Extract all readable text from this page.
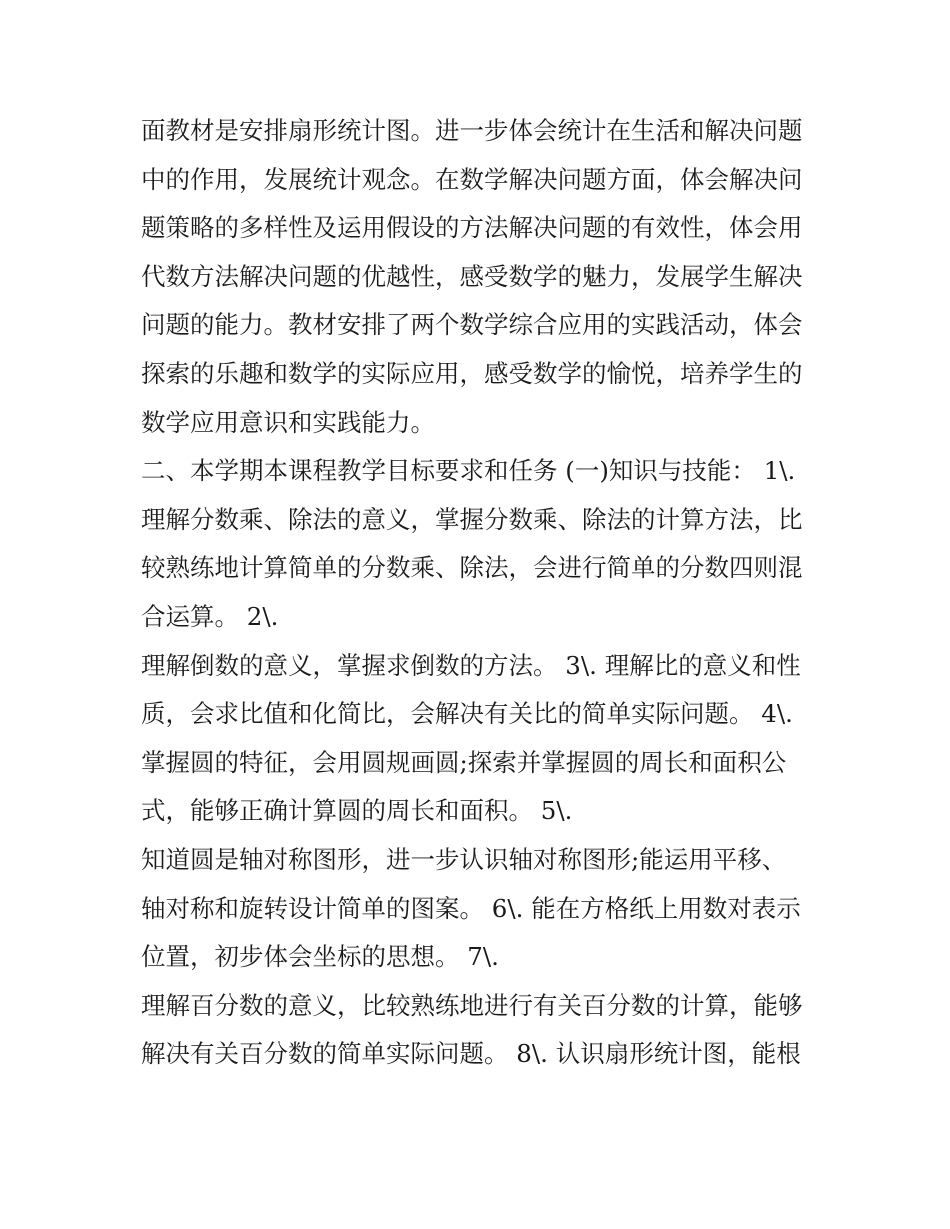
面教材是安排扇形统计图。进一步体会统计在生活和解决问题
中的作用，发展统计观念。在数学解决问题方面，体会解决问
题策略的多样性及运用假设的方法解决问题的有效性，体会用
代数方法解决问题的优越性，感受数学的魅力，发展学生解决
问题的能力。教材安排了两个数学综合应用的实践活动，体会
探索的乐趣和数学的实际应用，感受数学的愉悦，培养学生的
数学应用意识和实践能力。
二、本学期本课程教学目标要求和任务 (一)知识与技能： 1\.
理解分数乘、除法的意义，掌握分数乘、除法的计算方法，比
较熟练地计算简单的分数乘、除法，会进行简单的分数四则混
合运算。 2\.
理解倒数的意义，掌握求倒数的方法。 3\. 理解比的意义和性
质，会求比值和化简比，会解决有关比的简单实际问题。 4\.
掌握圆的特征，会用圆规画圆;探索并掌握圆的周长和面积公
式，能够正确计算圆的周长和面积。 5\.
知道圆是轴对称图形，进一步认识轴对称图形;能运用平移、
轴对称和旋转设计简单的图案。 6\. 能在方格纸上用数对表示
位置，初步体会坐标的思想。 7\.
理解百分数的意义，比较熟练地进行有关百分数的计算，能够
解决有关百分数的简单实际问题。 8\. 认识扇形统计图，能根
